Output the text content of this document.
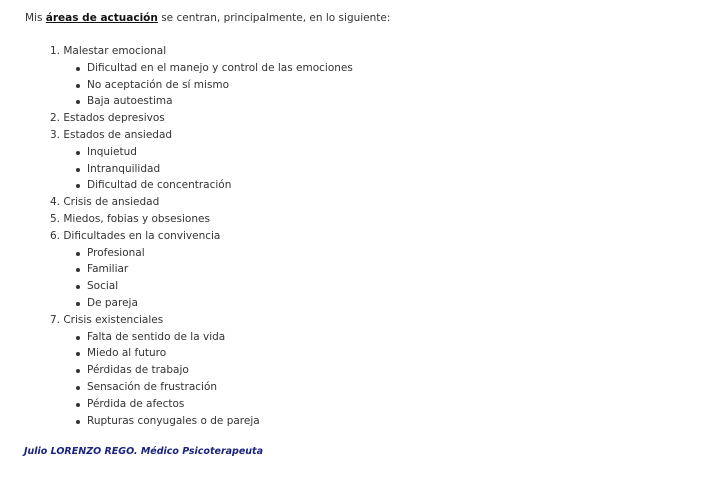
Mis áreas de actuación se centran, principalmente, en lo siguiente:

1. Malestar emocional
Dificultad en el manejo y control de las emociones
No aceptación de sí mismo
Baja autoestima
2. Estados depresivos
3. Estados de ansiedad
Inquietud
Intranquilidad
Dificultad de concentración
4. Crisis de ansiedad
5. Miedos, fobias y obsesiones
6. Dificultades en la convivencia
Profesional
Familiar
Social
De pareja
7. Crisis existenciales
Falta de sentido de la vida
Miedo al futuro
Pérdidas de trabajo
Sensación de frustración
Pérdida de afectos
Rupturas conyugales o de pareja
Julio LORENZO REGO. Médico Psicoterapeuta
